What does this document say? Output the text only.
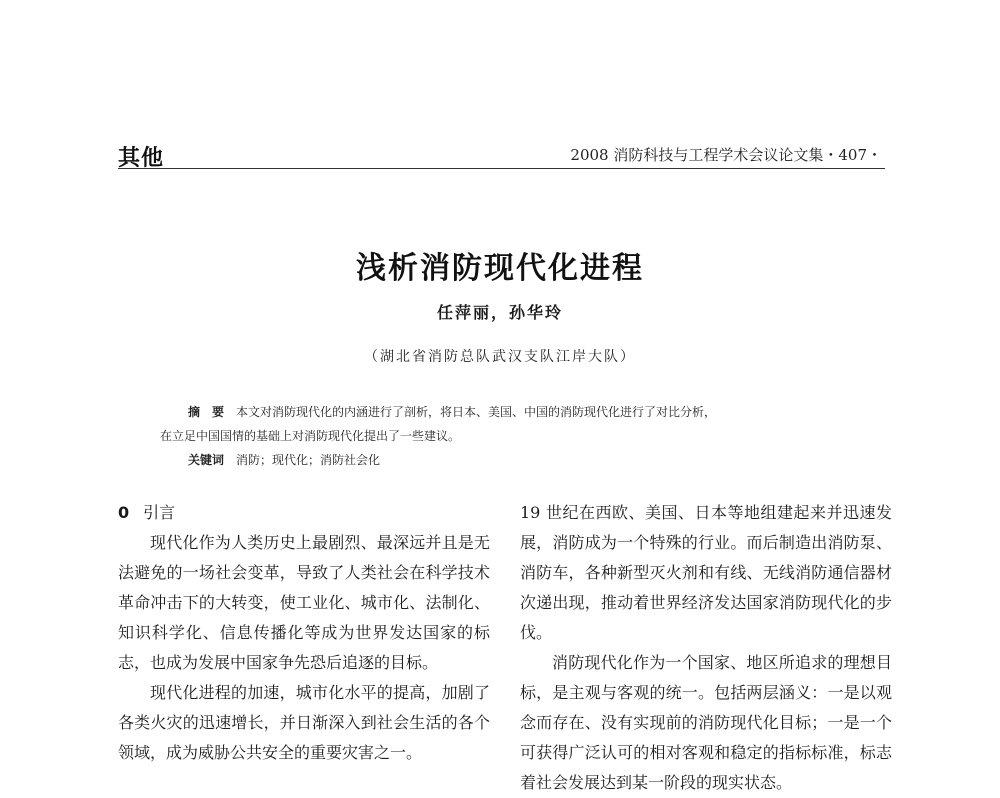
其他	2008 消防科技与工程学术会议论文集・407・
浅析消防现代化进程

任萍丽，孙华玲

（湖北省消防总队武汉支队江岸大队）

摘　要　 本文对消防现代化的内涵进行了剖析，将日本、美国、中国的消防现代化进行了对比分析，
在立足中国国情的基础上对消防现代化提出了一些建议。
关键词　 消防；现代化；消防社会化
0 引言

现代化作为人类历史上最剧烈、最深远并且是无法避免的一场社会变革，导致了人类社会在科学技术革命冲击下的大转变，使工业化、城市化、法制化、知识科学化、信息传播化等成为世界发达国家的标志，也成为发展中国家争先恐后追逐的目标。

现代化进程的加速，城市化水平的提高，加剧了各类火灾的迅速增长，并日渐深入到社会生活的各个领域，成为威胁公共安全的重要灾害之一。

19 世纪在西欧、美国、日本等地组建起来并迅速发展，消防成为一个特殊的行业。而后制造出消防泵、消防车，各种新型灭火剂和有线、无线消防通信器材次递出现，推动着世界经济发达国家消防现代化的步伐。

消防现代化作为一个国家、地区所追求的理想目标，是主观与客观的统一。包括两层涵义：一是以观念而存在、没有实现前的消防现代化目标；一是一个可获得广泛认可的相对客观和稳定的指标标准，标志着社会发展达到某一阶段的现实状态。
